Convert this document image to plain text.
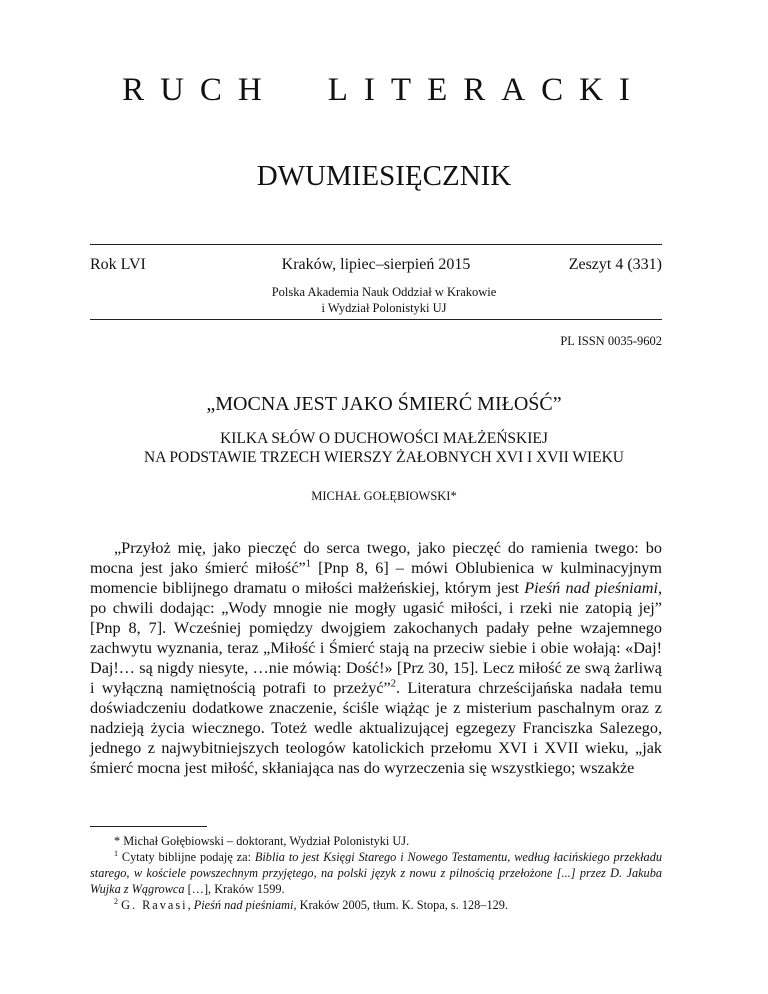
RUCH LITERACKI
DWUMIESIĘCZNIK
Rok LVI	Kraków, lipiec–sierpień 2015	Zeszyt 4 (331)
Polska Akademia Nauk Oddział w Krakowie
i Wydział Polonistyki UJ
PL ISSN 0035-9602
„MOCNA JEST JAKO ŚMIERĆ MIŁOŚĆ”
KILKA SŁÓW O DUCHOWOŚCI MAŁŻEŃSKIEJ
NA PODSTAWIE TRZECH WIERSZY ŻAŁOBNYCH XVI I XVII WIEKU
MICHAŁ GOŁĘBIOWSKI*

„Przyłoż mię, jako pieczęć do serca twego, jako pieczęć do ramienia twego: bo mocna jest jako śmierć miłość”$^1$ [Pnp 8, 6] – mówi Oblubienica w kulminacyjnym momencie biblijnego dramatu o miłości małżeńskiej, którym jest Pieśń nad pieśniami, po chwili dodając: „Wody mnogie nie mogły ugasić miłości, i rzeki nie zatopią jej” [Pnp 8, 7]. Wcześniej pomiędzy dwojgiem zakochanych padały pełne wzajemnego zachwytu wyznania, teraz „Miłość i Śmierć stają na przeciw siebie i obie wołają: «Daj! Daj!… są nigdy niesyte, …nie mówią: Dość!» [Prz 30, 15]. Lecz miłość ze swą żarliwą i wyłączną namiętnością potrafi to przeżyć”$^2$. Literatura chrześcijańska nadała temu doświadczeniu dodatkowe znaczenie, ściśle wiążąc je z misterium paschalnym oraz z nadzieją życia wiecznego. Toteż wedle aktualizującej egzegezy Franciszka Salezego, jednego z najwybitniejszych teologów katolickich przełomu XVI i XVII wieku, „jak śmierć mocna jest miłość, skłaniająca nas do wyrzeczenia się wszystkiego; wszakże

* Michał Gołębiowski – doktorant, Wydział Polonistyki UJ.

$^1$ Cytaty biblijne podaję za: Biblia to jest Księgi Starego i Nowego Testamentu, według łacińskiego przekładu starego, w kościele powszechnym przyjętego, na polski język z nowu z pilnością przełożone [...] przez D. Jakuba Wujka z Wągrowca […], Kraków 1599.

$^2$ G. Ravasi, Pieśń nad pieśniami, Kraków 2005, tłum. K. Stopa, s. 128–129.
